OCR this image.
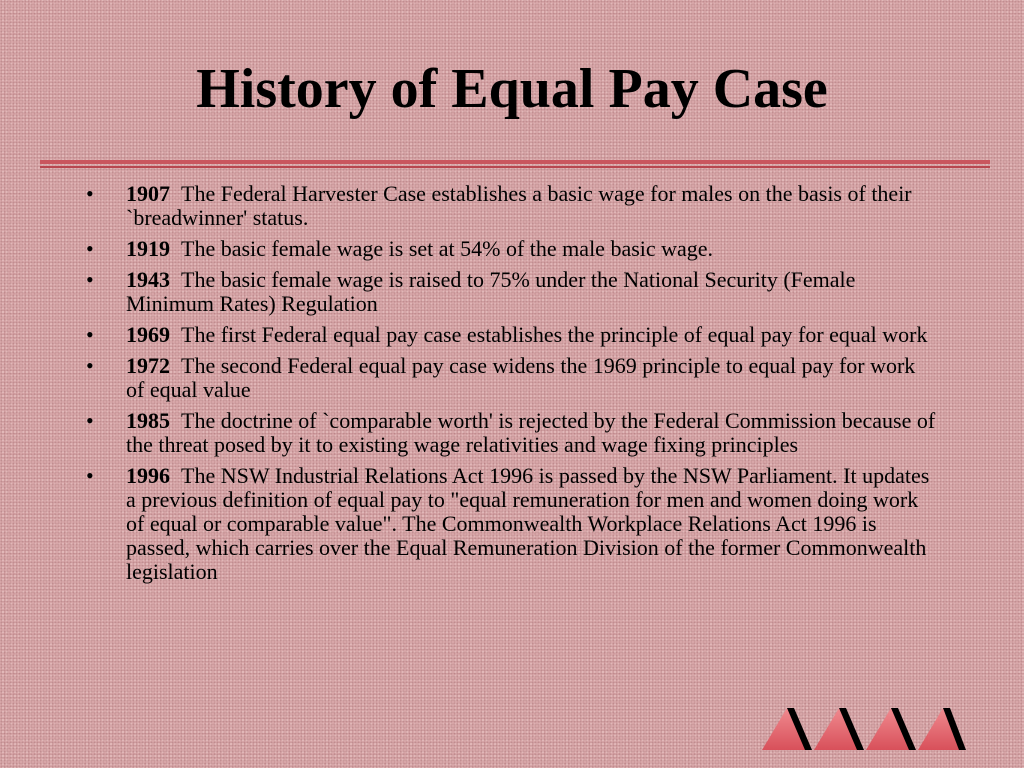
History of Equal Pay Case
•	1907 The Federal Harvester Case establishes a basic wage for males on the basis of their `breadwinner' status.
•	1919 The basic female wage is set at 54% of the male basic wage.
•	1943 The basic female wage is raised to 75% under the National Security (Female Minimum Rates) Regulation
•	1969 The first Federal equal pay case establishes the principle of equal pay for equal work
•	1972 The second Federal equal pay case widens the 1969 principle to equal pay for work of equal value
•	1985 The doctrine of `comparable worth' is rejected by the Federal Commission because of the threat posed by it to existing wage relativities and wage fixing principles
•	1996 The NSW Industrial Relations Act 1996 is passed by the NSW Parliament. It updates a previous definition of equal pay to "equal remuneration for men and women doing work of equal or comparable value". The Commonwealth Workplace Relations Act 1996 is passed, which carries over the Equal Remuneration Division of the former Commonwealth legislation
